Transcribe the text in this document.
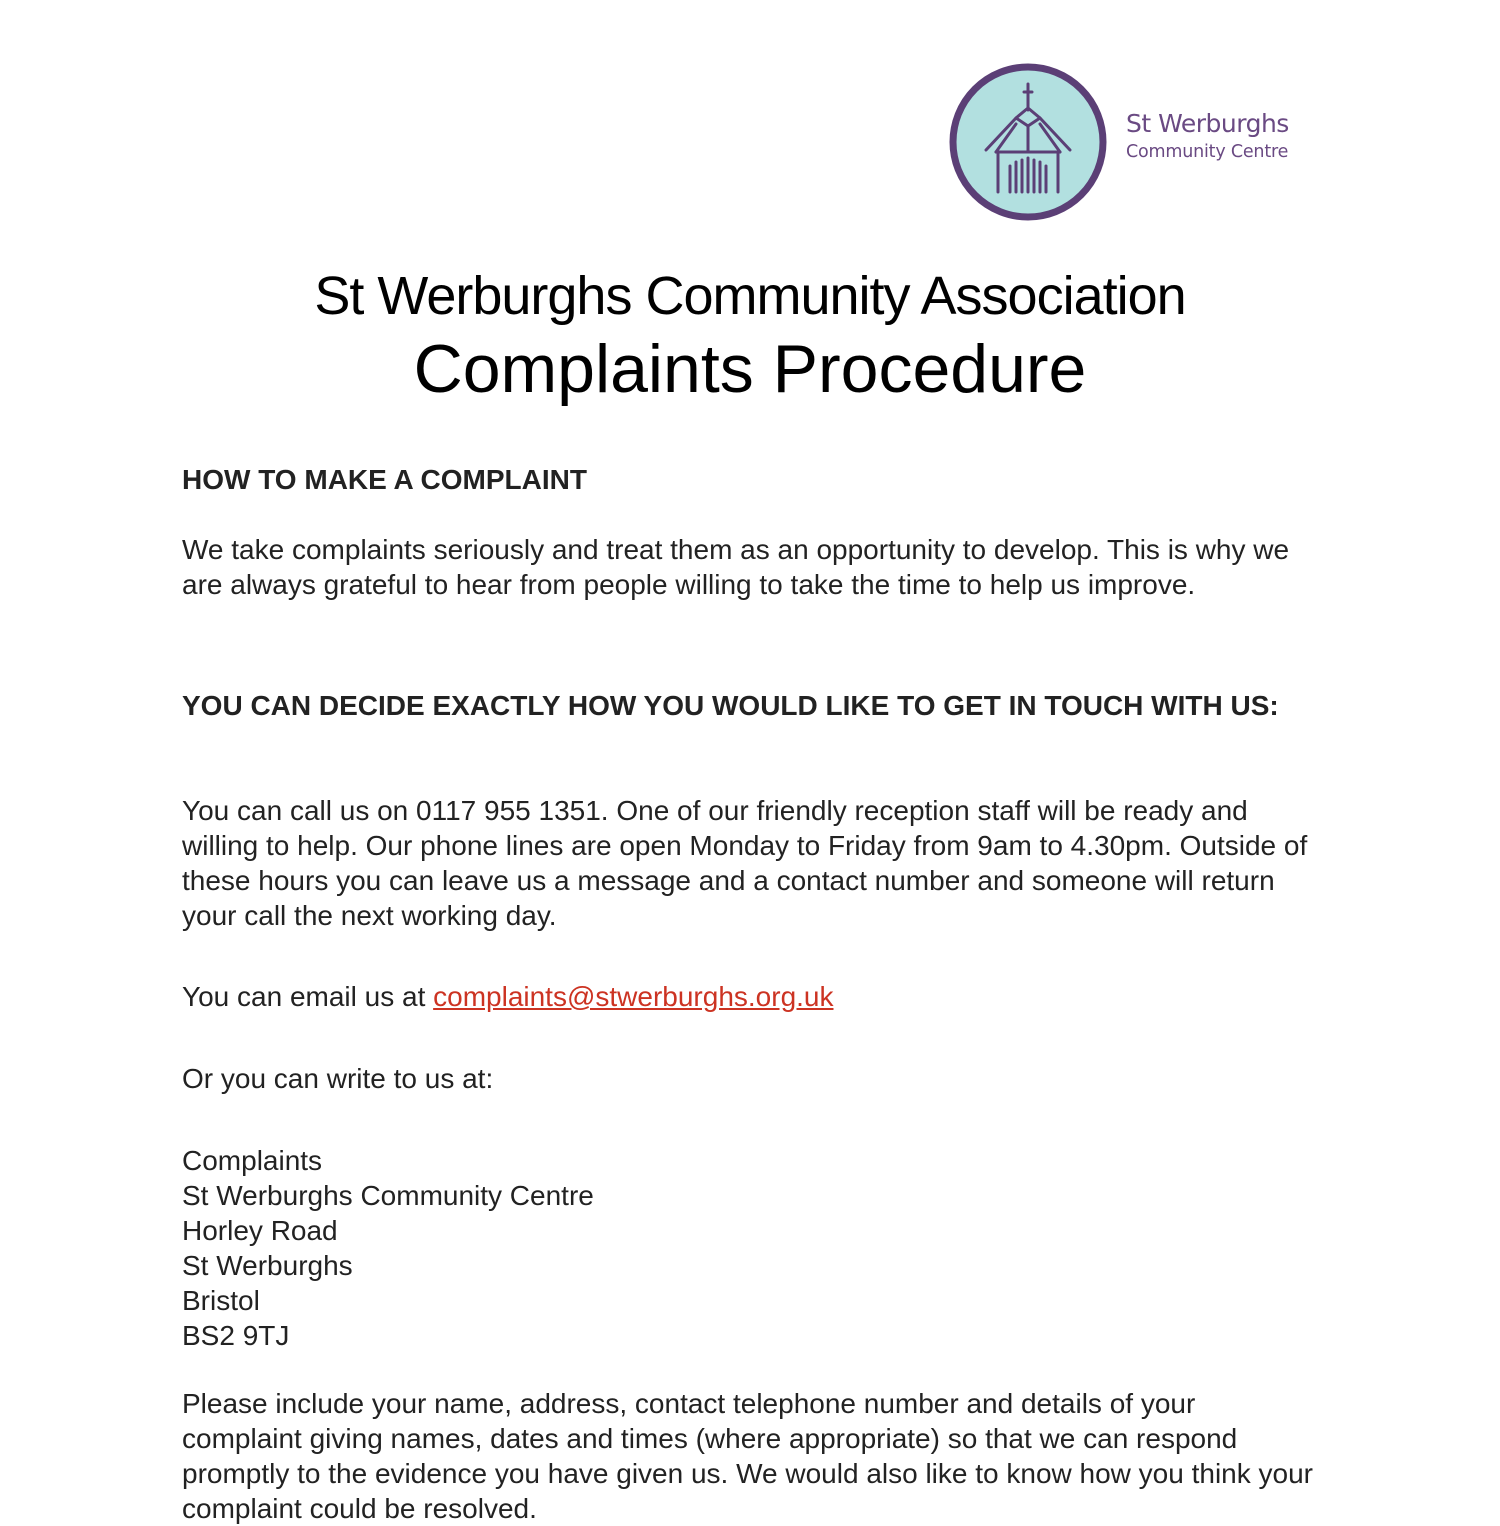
St Werburghs
Community Centre
St Werburghs Community Association
Complaints Procedure
HOW TO MAKE A COMPLAINT
We take complaints seriously and treat them as an opportunity to develop. This is why we are always grateful to hear from people willing to take the time to help us improve.
YOU CAN DECIDE EXACTLY HOW YOU WOULD LIKE TO GET IN TOUCH WITH US:
You can call us on 0117 955 1351. One of our friendly reception staff will be ready and willing to help. Our phone lines are open Monday to Friday from 9am to 4.30pm. Outside of these hours you can leave us a message and a contact number and someone will return your call the next working day.
You can email us at complaints@stwerburghs.org.uk
Or you can write to us at:
Complaints
St Werburghs Community Centre
Horley Road
St Werburghs
Bristol
BS2 9TJ
Please include your name, address, contact telephone number and details of your complaint giving names, dates and times (where appropriate) so that we can respond promptly to the evidence you have given us. We would also like to know how you think your complaint could be resolved.
